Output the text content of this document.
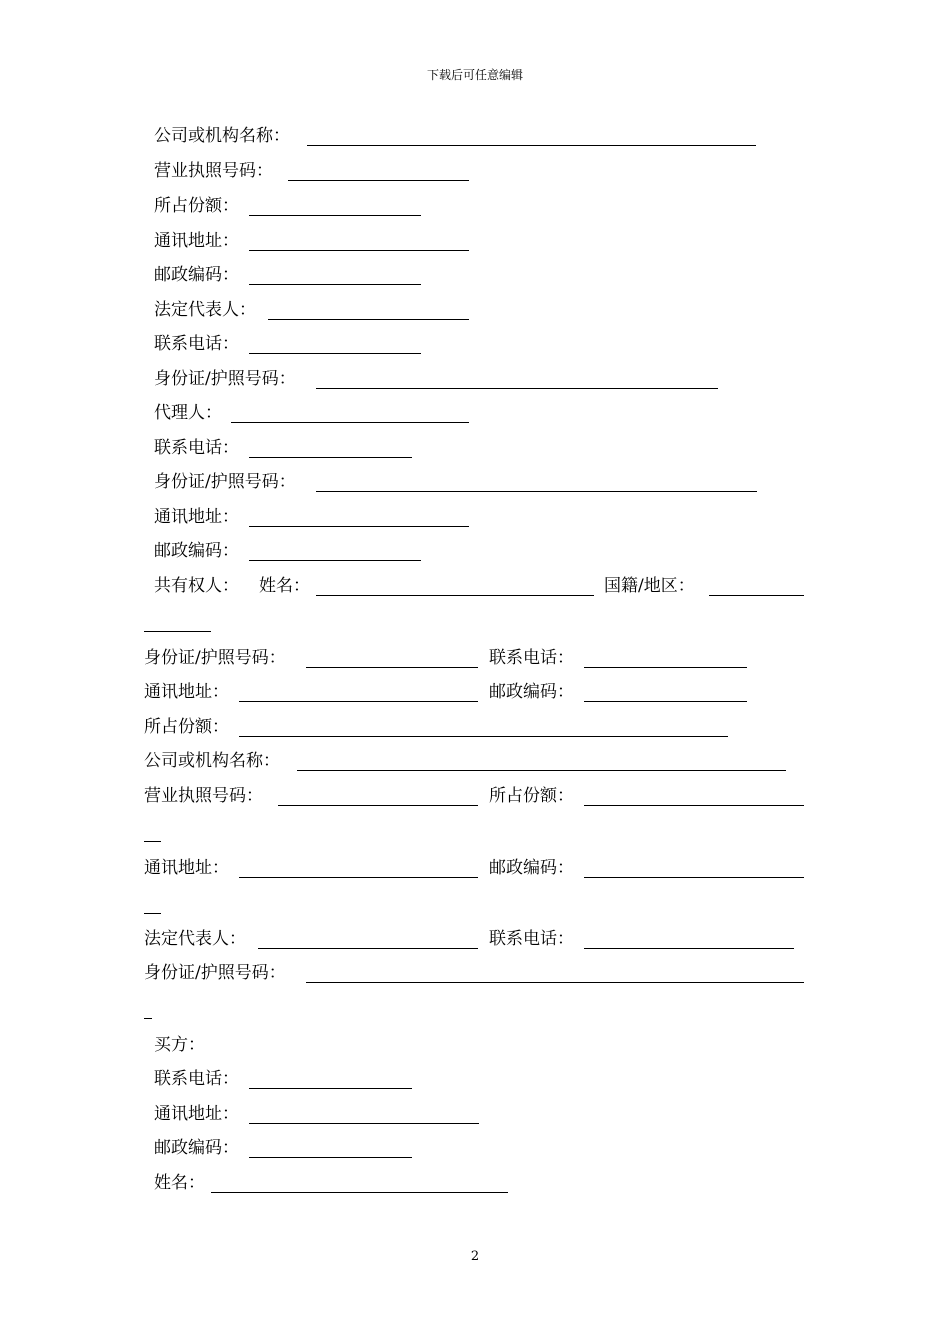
下载后可任意编辑
公司或机构名称：
营业执照号码：
所占份额：
通讯地址：
邮政编码：
法定代表人：
联系电话：
身份证/护照号码：
代理人：
联系电话：
身份证/护照号码：
通讯地址：
邮政编码：
共有权人： 姓名：	国籍/地区：
身份证/护照号码：	联系电话：
通讯地址：	邮政编码：
所占份额：
公司或机构名称：
营业执照号码：	所占份额：
通讯地址：	邮政编码：
法定代表人：	联系电话：
身份证/护照号码：
买方：
联系电话：
通讯地址：
邮政编码：
姓名：
2
